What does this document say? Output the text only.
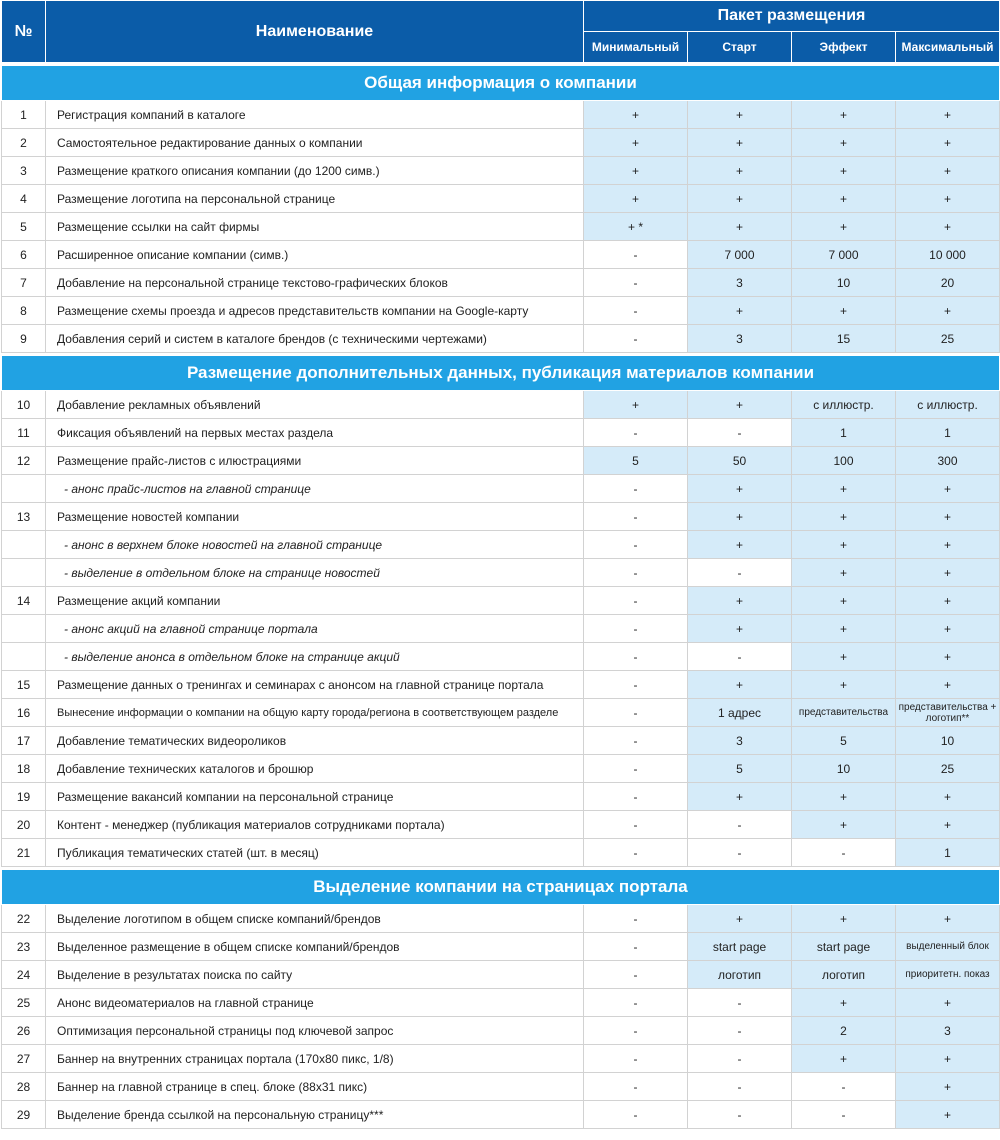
№	Наименование	Пакет размещения			
		Минимальный	Старт	Эффект	Максимальный

Общая информация о компании					
1	Регистрация компаний в каталоге	+	+	+	+
2	Самостоятельное редактирование данных о компании	+	+	+	+
3	Размещение краткого описания компании (до 1200 симв.)	+	+	+	+
4	Размещение логотипа на персональной странице	+	+	+	+
5	Размещение ссылки на сайт фирмы	+ *	+	+	+
6	Расширенное описание компании (симв.)	-	7 000	7 000	10 000
7	Добавление на персональной странице текстово-графических блоков	-	3	10	20
8	Размещение схемы проезда и адресов представительств компании на Google-карту	-	+	+	+
9	Добавления серий и систем в каталоге брендов (с техническими чертежами)	-	3	15	25

Размещение дополнительных данных, публикация материалов компании					
10	Добавление рекламных объявлений	+	+	с иллюстр.	с иллюстр.
11	Фиксация объявлений на первых местах раздела	-	-	1	1
12	Размещение прайс-листов с илюстрациями	5	50	100	300
	- анонс прайс-листов на главной странице	-	+	+	+
13	Размещение новостей компании	-	+	+	+
	- анонс в верхнем блоке новостей на главной странице	-	+	+	+
	- выделение в отдельном блоке на странице новостей	-	-	+	+
14	Размещение акций компании	-	+	+	+
	- анонс акций на главной странице портала	-	+	+	+
	- выделение анонса в отдельном блоке на странице акций	-	-	+	+
15	Размещение данных о тренингах и семинарах с анонсом на главной странице портала	-	+	+	+
16	Вынесение информации о компании на общую карту города/региона в соответствующем разделе	-	1 адрес	представительства	представительства + логотип**
17	Добавление тематических видеороликов	-	3	5	10
18	Добавление технических каталогов и брошюр	-	5	10	25
19	Размещение вакансий компании на персональной странице	-	+	+	+
20	Контент - менеджер (публикация материалов сотрудниками портала)	-	-	+	+
21	Публикация тематических статей (шт. в месяц)	-	-	-	1

Выделение компании на страницах портала					
22	Выделение логотипом в общем списке компаний/брендов	-	+	+	+
23	Выделенное размещение в общем списке компаний/брендов	-	start page	start page	выделенный блок
24	Выделение в результатах поиска по сайту	-	логотип	логотип	приоритетн. показ
25	Анонс видеоматериалов на главной странице	-	-	+	+
26	Оптимизация персональной страницы под ключевой запрос	-	-	2	3
27	Баннер на внутренних страницах портала (170х80 пикс, 1/8)	-	-	+	+
28	Баннер на главной странице в спец. блоке (88х31 пикс)	-	-	-	+
29	Выделение бренда ссылкой на персональную страницу***	-	-	-	+
